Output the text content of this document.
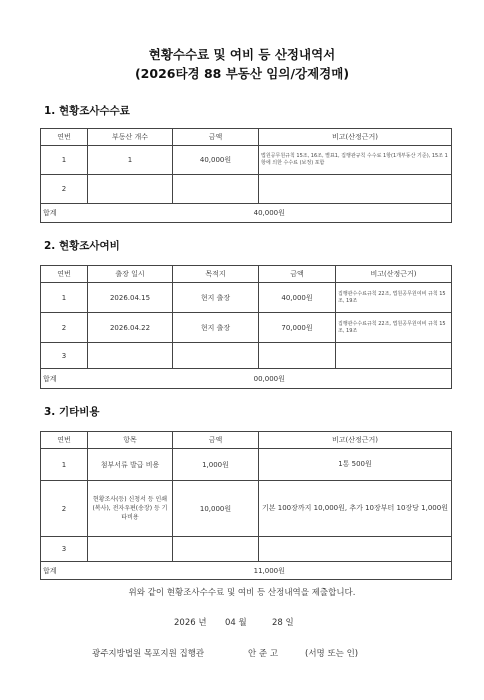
현황수수료 및 여비 등 산정내역서
(2026타경 88 부동산 임의/강제경매)
1. 현황조사수수료
연번	부동산 개수	금액	비고(산정근거)
1	1	40,000원	법원공무원규칙 15조, 16조, 별표1, 집행관규칙 수수료 1항(1개부동산 기준), 15조 1항에 의한 수수료 (보정) 포함
2			
합계	40,000원		
2. 현황조사여비
연번	출장 일시	목적지	금액	비고(산정근거)
1	2026.04.15	현지 출장	40,000원	집행관수수료규칙 22조, 법원공무원여비 규칙 15조, 19조
2	2026.04.22	현지 출장	70,000원	집행관수수료규칙 22조, 법원공무원여비 규칙 15조, 19조
3				
합계	00,000원			
3. 기타비용
연번	항목	금액	비고(산정근거)
1	첨부서류 발급 비용	1,000원	1통 500원
2	현황조사(등) 신청서 등 인쇄(복사), 전자우편(송장) 등 기타비용	10,000원	기본 100장까지 10,000원, 추가 10장부터 10장당 1,000원
3			
합계	11,000원		
위와 같이 현황조사수수료 및 여비 등 산정내역을 제출합니다.
2026 년 04 월	28 일
광주지방법원 목포지원 집행관	안 준 고	(서명 또는 인)
